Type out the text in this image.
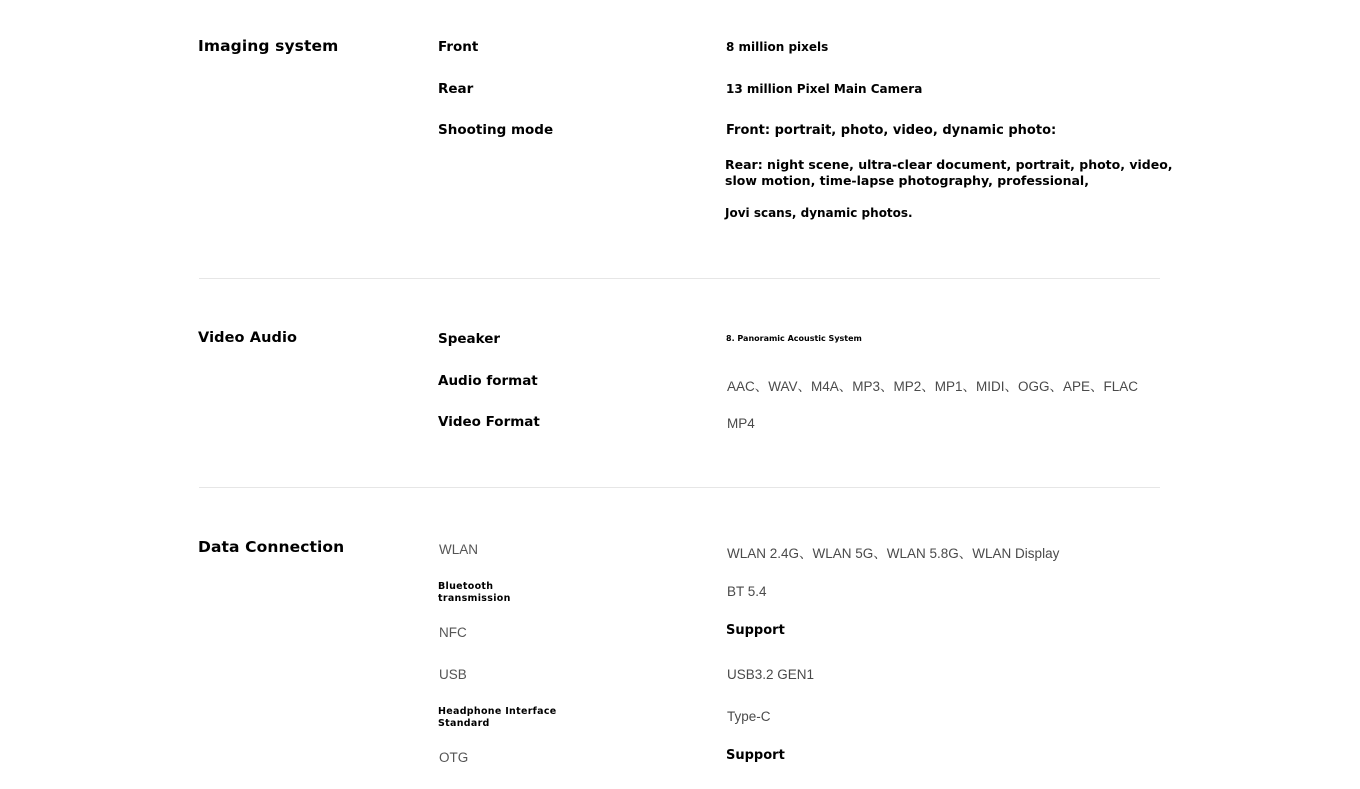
Imaging system	Front	8 million pixels
Rear	13 million Pixel Main Camera
Shooting mode	Front: portrait, photo, video, dynamic photo:
Rear: night scene, ultra-clear document, portrait, photo, video, slow motion, time-lapse photography, professional,
Jovi scans, dynamic photos.
Video Audio	Speaker	8. Panoramic Acoustic System
Audio format	AAC、WAV、M4A、MP3、MP2、MP1、MIDI、OGG、APE、FLAC
Video Format	MP4
Data Connection	WLAN	WLAN 2.4G、WLAN 5G、WLAN 5.8G、WLAN Display
Bluetooth transmission	BT 5.4
NFC	Support
USB	USB3.2 GEN1
Headphone Interface Standard	Type-C
OTG	Support
